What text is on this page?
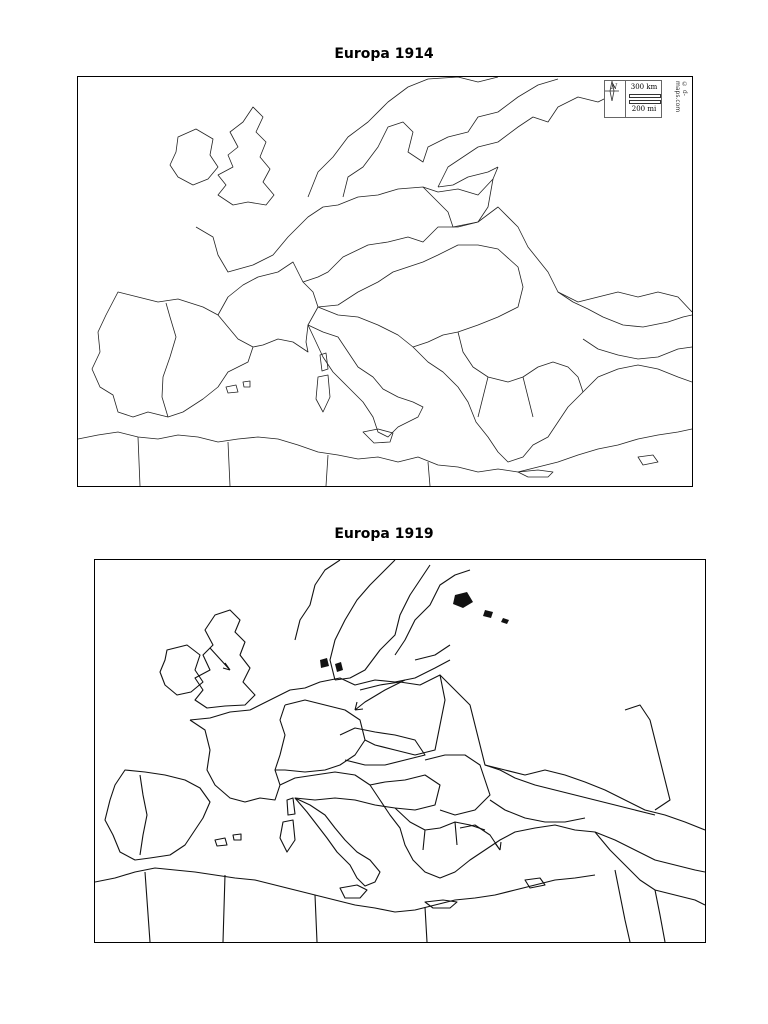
Europa 1914
N	300 km
200 mi
© d-maps.com
Europa 1919
